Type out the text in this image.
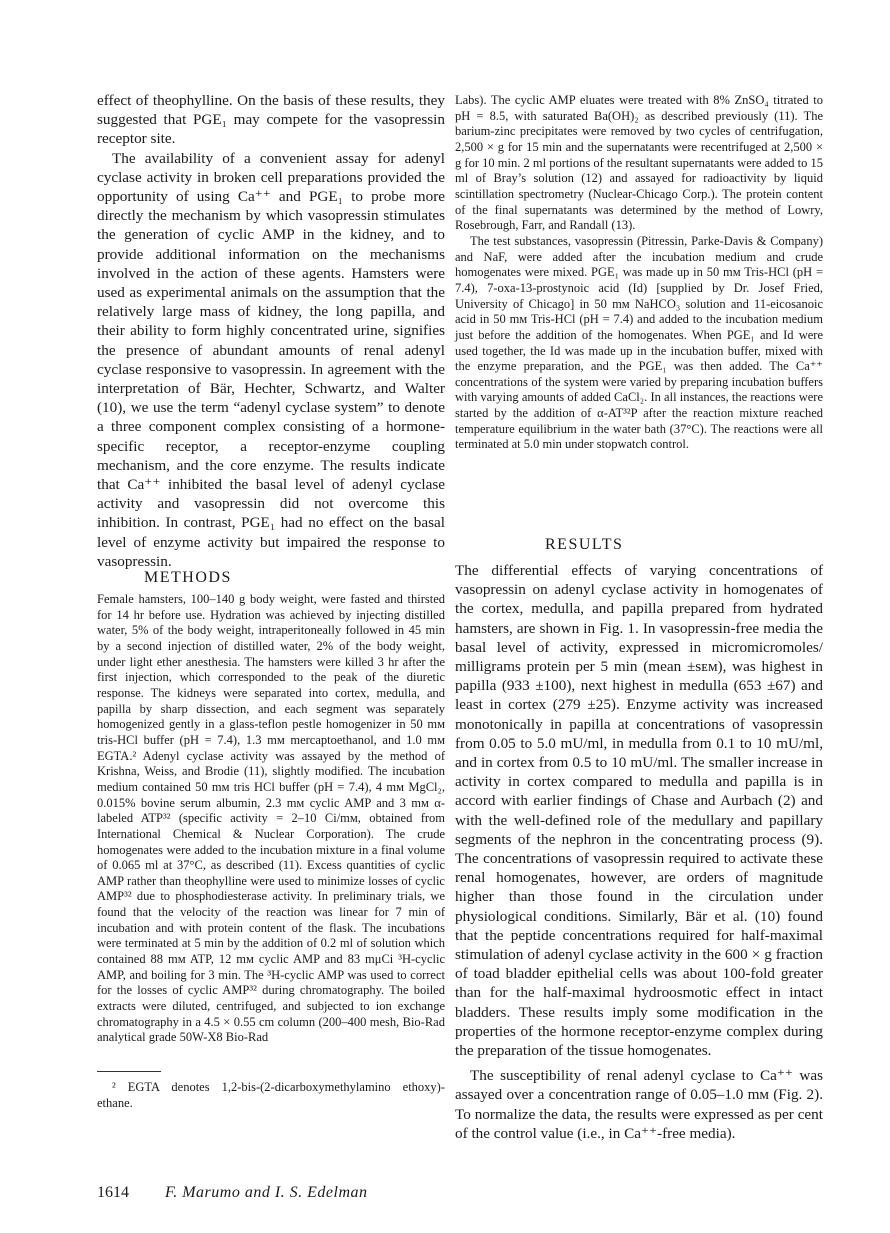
effect of theophylline. On the basis of these results, they suggested that PGE₁ may compete for the vasopressin receptor site.

The availability of a convenient assay for adenyl cyclase activity in broken cell preparations provided the opportunity of using Ca⁺⁺ and PGE₁ to probe more directly the mechanism by which vasopressin stimulates the generation of cyclic AMP in the kidney, and to provide additional information on the mechanisms involved in the action of these agents. Hamsters were used as experimental animals on the assumption that the relatively large mass of kidney, the long papilla, and their ability to form highly concentrated urine, signifies the presence of abundant amounts of renal adenyl cyclase responsive to vasopressin. In agreement with the interpretation of Bär, Hechter, Schwartz, and Walter (10), we use the term “adenyl cyclase system” to denote a three component complex consisting of a hormone-specific receptor, a receptor-enzyme coupling mechanism, and the core enzyme. The results indicate that Ca⁺⁺ inhibited the basal level of adenyl cyclase activity and vasopressin did not overcome this inhibition. In contrast, PGE₁ had no effect on the basal level of enzyme activity but impaired the response to vasopressin.

METHODS

Female hamsters, 100–140 g body weight, were fasted and thirsted for 14 hr before use. Hydration was achieved by injecting distilled water, 5% of the body weight, intraperitoneally followed in 45 min by a second injection of distilled water, 2% of the body weight, under light ether anesthesia. The hamsters were killed 3 hr after the first injection, which corresponded to the peak of the diuretic response. The kidneys were separated into cortex, medulla, and papilla by sharp dissection, and each segment was separately homogenized gently in a glass-teflon pestle homogenizer in 50 mᴍ tris-HCl buffer (pH = 7.4), 1.3 mᴍ mercaptoethanol, and 1.0 mᴍ EGTA.² Adenyl cyclase activity was assayed by the method of Krishna, Weiss, and Brodie (11), slightly modified. The incubation medium contained 50 mᴍ tris HCl buffer (pH = 7.4), 4 mᴍ MgCl₂, 0.015% bovine serum albumin, 2.3 mᴍ cyclic AMP and 3 mᴍ α-labeled ATP³² (specific activity = 2–10 Ci/mᴍ, obtained from International Chemical & Nuclear Corporation). The crude homogenates were added to the incubation mixture in a final volume of 0.065 ml at 37°C, as described (11). Excess quantities of cyclic AMP rather than theophylline were used to minimize losses of cyclic AMP³² due to phosphodiesterase activity. In preliminary trials, we found that the velocity of the reaction was linear for 7 min of incubation and with protein content of the flask. The incubations were terminated at 5 min by the addition of 0.2 ml of solution which contained 88 mᴍ ATP, 12 mᴍ cyclic AMP and 83 mμCi ³H-cyclic AMP, and boiling for 3 min. The ³H-cyclic AMP was used to correct for the losses of cyclic AMP³² during chromatography. The boiled extracts were diluted, centrifuged, and subjected to ion exchange chromatography in a 4.5 × 0.55 cm column (200–400 mesh, Bio-Rad analytical grade 50W-X8 Bio-Rad

² EGTA denotes 1,2-bis-(2-dicarboxymethylamino ethoxy)-ethane.

Labs). The cyclic AMP eluates were treated with 8% ZnSO₄ titrated to pH = 8.5, with saturated Ba(OH)₂ as described previously (11). The barium-zinc precipitates were removed by two cycles of centrifugation, 2,500 × g for 15 min and the supernatants were recentrifuged at 2,500 × g for 10 min. 2 ml portions of the resultant supernatants were added to 15 ml of Bray’s solution (12) and assayed for radioactivity by liquid scintillation spectrometry (Nuclear-Chicago Corp.). The protein content of the final supernatants was determined by the method of Lowry, Rosebrough, Farr, and Randall (13).

The test substances, vasopressin (Pitressin, Parke-Davis & Company) and NaF, were added after the incubation medium and crude homogenates were mixed. PGE₁ was made up in 50 mᴍ Tris-HCl (pH = 7.4), 7-oxa-13-prostynoic acid (Id) [supplied by Dr. Josef Fried, University of Chicago] in 50 mᴍ NaHCO₃ solution and 11-eicosanoic acid in 50 mᴍ Tris-HCl (pH = 7.4) and added to the incubation medium just before the addition of the homogenates. When PGE₁ and Id were used together, the Id was made up in the incubation buffer, mixed with the enzyme preparation, and the PGE₁ was then added. The Ca⁺⁺ concentrations of the system were varied by preparing incubation buffers with varying amounts of added CaCl₂. In all instances, the reactions were started by the addition of α-AT³²P after the reaction mixture reached temperature equilibrium in the water bath (37°C). The reactions were all terminated at 5.0 min under stopwatch control.

RESULTS

The differential effects of varying concentrations of vasopressin on adenyl cyclase activity in homogenates of the cortex, medulla, and papilla prepared from hydrated hamsters, are shown in Fig. 1. In vasopressin-free media the basal level of activity, expressed in micromicromoles/ milligrams protein per 5 min (mean ±sᴇᴍ), was highest in papilla (933 ±100), next highest in medulla (653 ±67) and least in cortex (279 ±25). Enzyme activity was increased monotonically in papilla at concentrations of vasopressin from 0.05 to 5.0 mU/ml, in medulla from 0.1 to 10 mU/ml, and in cortex from 0.5 to 10 mU/ml. The smaller increase in activity in cortex compared to medulla and papilla is in accord with earlier findings of Chase and Aurbach (2) and with the well-defined role of the medullary and papillary segments of the nephron in the concentrating process (9). The concentrations of vasopressin required to activate these renal homogenates, however, are orders of magnitude higher than those found in the circulation under physiological conditions. Similarly, Bär et al. (10) found that the peptide concentrations required for half-maximal stimulation of adenyl cyclase activity in the 600 × g fraction of toad bladder epithelial cells was about 100-fold greater than for the half-maximal hydroosmotic effect in intact bladders. These results imply some modification in the properties of the hormone receptor-enzyme complex during the preparation of the tissue homogenates.

The susceptibility of renal adenyl cyclase to Ca⁺⁺ was assayed over a concentration range of 0.05–1.0 mᴍ (Fig. 2). To normalize the data, the results were expressed as per cent of the control value (i.e., in Ca⁺⁺-free media).

1614 F. Marumo and I. S. Edelman
